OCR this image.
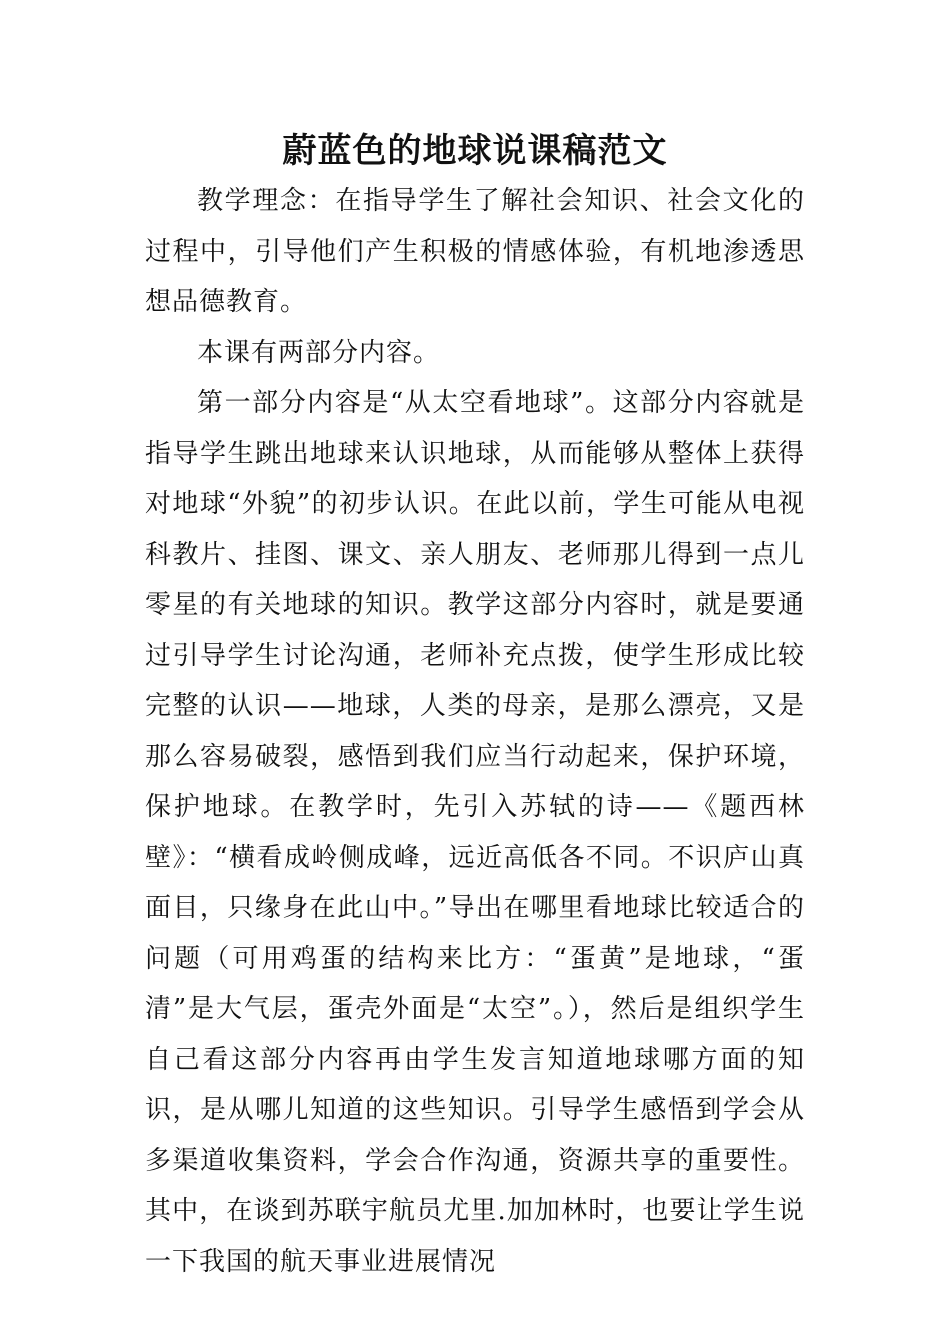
蔚蓝色的地球说课稿范文

教学理念：在指导学生了解社会知识、社会文化的过程中，引导他们产生积极的情感体验，有机地渗透思想品德教育。

本课有两部分内容。

第一部分内容是“从太空看地球”。这部分内容就是指导学生跳出地球来认识地球，从而能够从整体上获得对地球“外貌”的初步认识。在此以前，学生可能从电视科教片、挂图、课文、亲人朋友、老师那儿得到一点儿零星的有关地球的知识。教学这部分内容时，就是要通过引导学生讨论沟通，老师补充点拨，使学生形成比较完整的认识——地球，人类的母亲，是那么漂亮，又是那么容易破裂，感悟到我们应当行动起来，保护环境，保护地球。在教学时，先引入苏轼的诗——《题西林壁》：“横看成岭侧成峰，远近高低各不同。不识庐山真面目，只缘身在此山中。”导出在哪里看地球比较适合的问题（可用鸡蛋的结构来比方：“蛋黄”是地球，“蛋清”是大气层，蛋壳外面是“太空”。），然后是组织学生自己看这部分内容再由学生发言知道地球哪方面的知识，是从哪儿知道的这些知识。引导学生感悟到学会从多渠道收集资料，学会合作沟通，资源共享的重要性。其中，在谈到苏联宇航员尤里.加加林时，也要让学生说一下我国的航天事业进展情况
